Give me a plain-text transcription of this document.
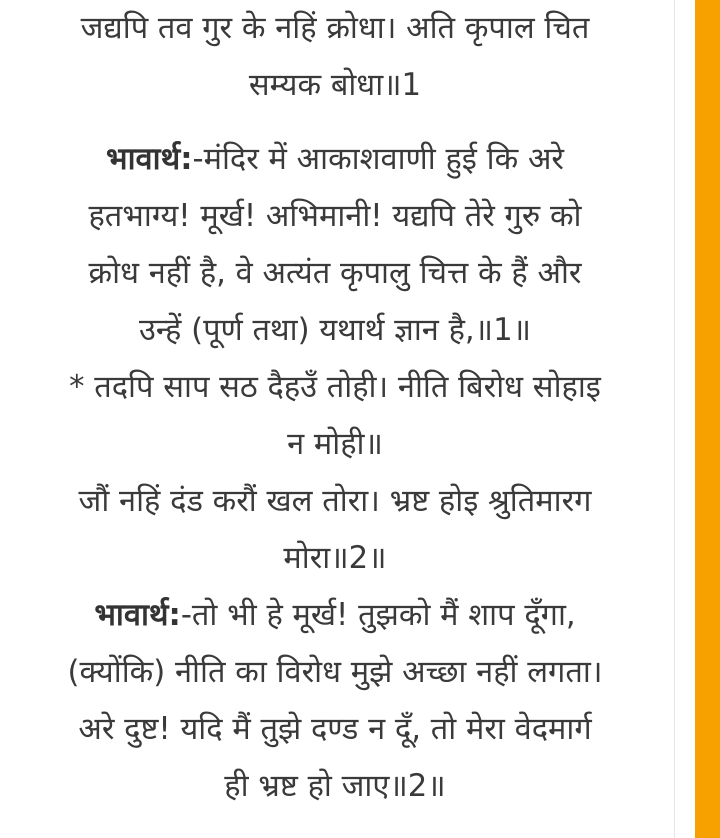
जद्यपि तव गुर के नहिं क्रोधा। अति कृपाल चित
सम्यक बोधा॥1
भावार्थ:-मंदिर में आकाशवाणी हुई कि अरे
हतभाग्य! मूर्ख! अभिमानी! यद्यपि तेरे गुरु को
क्रोध नहीं है, वे अत्यंत कृपालु चित्त के हैं और
उन्हें (पूर्ण तथा) यथार्थ ज्ञान है,॥1॥
* तदपि साप सठ दैहउँ तोही। नीति बिरोध सोहाइ
न मोही॥
जौं नहिं दंड करौं खल तोरा। भ्रष्ट होइ श्रुतिमारग
मोरा॥2॥
भावार्थ:-तो भी हे मूर्ख! तुझको मैं शाप दूँगा,
(क्योंकि) नीति का विरोध मुझे अच्छा नहीं लगता।
अरे दुष्ट! यदि मैं तुझे दण्ड न दूँ, तो मेरा वेदमार्ग
ही भ्रष्ट हो जाए॥2॥
